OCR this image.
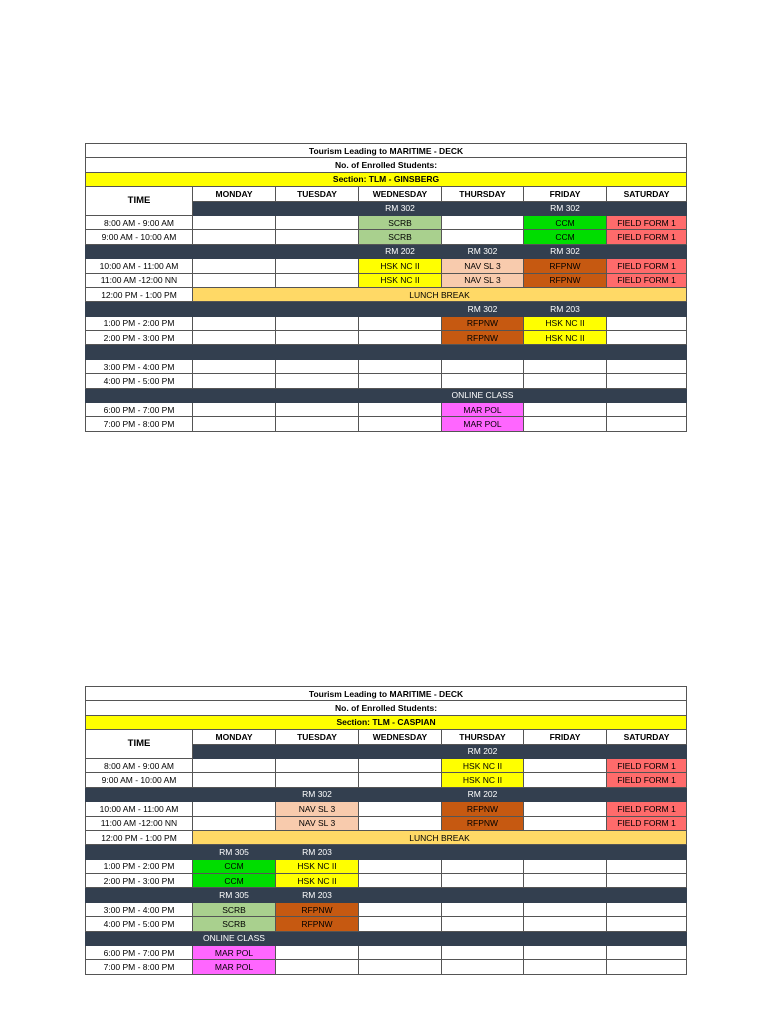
Tourism Leading to MARITIME - DECK						
No. of Enrolled Students:						
Section: TLM - GINSBERG						
TIME	MONDAY	TUESDAY	WEDNESDAY	THURSDAY	FRIDAY	SATURDAY
			RM 302		RM 302	
8:00 AM - 9:00 AM			SCRB		CCM	FIELD FORM 1
9:00 AM - 10:00 AM			SCRB		CCM	FIELD FORM 1
			RM 202	RM 302	RM 302	
10:00 AM - 11:00 AM			HSK NC II	NAV SL 3	RFPNW	FIELD FORM 1
11:00 AM -12:00 NN			HSK NC II	NAV SL 3	RFPNW	FIELD FORM 1
12:00 PM - 1:00 PM	LUNCH BREAK					
				RM 302	RM 203	
1:00 PM - 2:00 PM				RFPNW	HSK NC II	
2:00 PM - 3:00 PM				RFPNW	HSK NC II	

3:00 PM - 4:00 PM						
4:00 PM - 5:00 PM						
				ONLINE CLASS		
6:00 PM - 7:00 PM				MAR POL		
7:00 PM - 8:00 PM				MAR POL		
Tourism Leading to MARITIME - DECK						
No. of Enrolled Students:						
Section: TLM - CASPIAN						
TIME	MONDAY	TUESDAY	WEDNESDAY	THURSDAY	FRIDAY	SATURDAY
				RM 202		
8:00 AM - 9:00 AM				HSK NC II		FIELD FORM 1
9:00 AM - 10:00 AM				HSK NC II		FIELD FORM 1
		RM 302		RM 202		
10:00 AM - 11:00 AM		NAV SL 3		RFPNW		FIELD FORM 1
11:00 AM -12:00 NN		NAV SL 3		RFPNW		FIELD FORM 1
12:00 PM - 1:00 PM	LUNCH BREAK					
	RM 305	RM 203				
1:00 PM - 2:00 PM	CCM	HSK NC II				
2:00 PM - 3:00 PM	CCM	HSK NC II				
	RM 305	RM 203				
3:00 PM - 4:00 PM	SCRB	RFPNW				
4:00 PM - 5:00 PM	SCRB	RFPNW				
	ONLINE CLASS					
6:00 PM - 7:00 PM	MAR POL					
7:00 PM - 8:00 PM	MAR POL					
